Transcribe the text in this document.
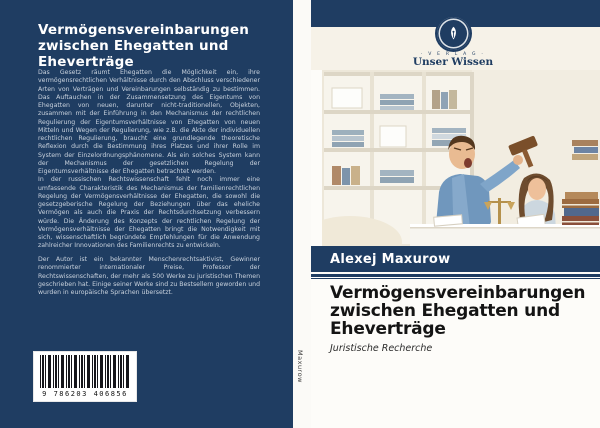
Vermögensvereinbarungen zwischen Ehegatten und Eheverträge

Das Gesetz räumt Ehegatten die Möglichkeit ein, ihre vermögensrechtlichen Verhältnisse durch den Abschluss verschiedener Arten von Verträgen und Vereinbarungen selbständig zu bestimmen. Das Auftauchen in der Zusammensetzung des Eigentums von Ehegatten von neuen, darunter nicht-traditionellen, Objekten, zusammen mit der Einführung in den Mechanismus der rechtlichen Regulierung der Eigentumsverhältnisse von Ehegatten von neuen Mitteln und Wegen der Regulierung, wie z.B. die Akte der individuellen rechtlichen Regulierung, braucht eine grundlegende theoretische Reflexion durch die Bestimmung ihres Platzes und ihrer Rolle im System der Einzelordnungsphänomene. Als ein solches System kann der Mechanismus der gesetzlichen Regelung der Eigentumsverhältnisse der Ehegatten betrachtet werden.

In der russischen Rechtswissenschaft fehlt noch immer eine umfassende Charakteristik des Mechanismus der familienrechtlichen Regelung der Vermögensverhältnisse der Ehegatten, die sowohl die gesetzgeberische Regelung der Beziehungen über das eheliche Vermögen als auch die Praxis der Rechtsdurchsetzung verbessern würde. Die Änderung des Konzepts der rechtlichen Regelung der Vermögensverhältnisse der Ehegatten bringt die Notwendigkeit mit sich, wissenschaftlich begründete Empfehlungen für die Anwendung zahlreicher Innovationen des Familienrechts zu entwickeln.

Der Autor ist ein bekannter Menschenrechtsaktivist, Gewinner renommierter internationaler Preise, Professor der Rechtswissenschaften, der mehr als 500 Werke zu juristischen Themen geschrieben hat. Einige seiner Werke sind zu Bestsellern geworden und wurden in europäische Sprachen übersetzt.

9 786203 406856
Maxurow
· V E R L A G ·
Unser Wissen
Alexej Maxurow
Vermögensvereinbarungen zwischen Ehegatten und Eheverträge

Juristische Recherche
